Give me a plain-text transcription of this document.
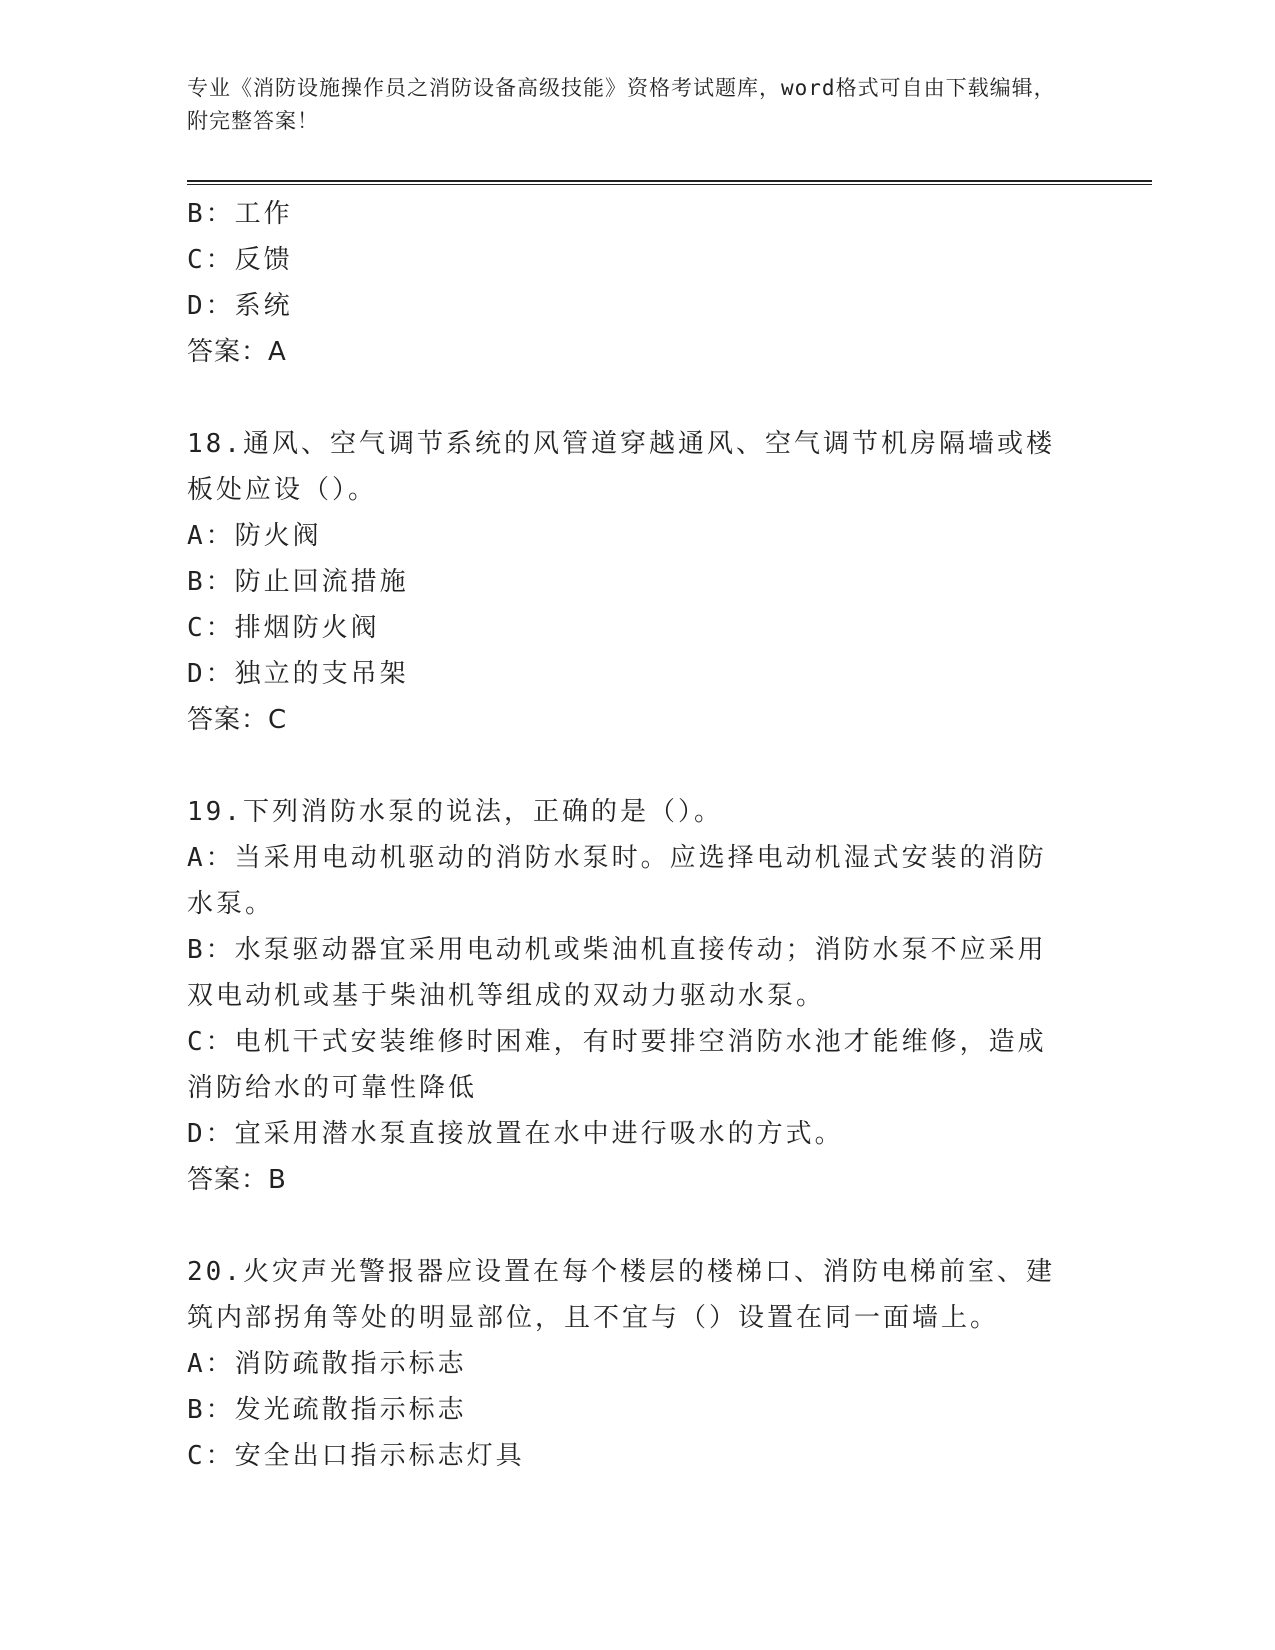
专业《消防设施操作员之消防设备高级技能》资格考试题库，word格式可自由下载编辑，附完整答案！

B：工作

C：反馈

D：系统

答案：A

18.通风、空气调节系统的风管道穿越通风、空气调节机房隔墙或楼板处应设（）。

A：防火阀

B：防止回流措施

C：排烟防火阀

D：独立的支吊架

答案：C

19.下列消防水泵的说法，正确的是（）。

A：当采用电动机驱动的消防水泵时。应选择电动机湿式安装的消防水泵。

B：水泵驱动器宜采用电动机或柴油机直接传动；消防水泵不应采用双电动机或基于柴油机等组成的双动力驱动水泵。

C：电机干式安装维修时困难，有时要排空消防水池才能维修，造成消防给水的可靠性降低

D：宜采用潜水泵直接放置在水中进行吸水的方式。

答案：B

20.火灾声光警报器应设置在每个楼层的楼梯口、消防电梯前室、建筑内部拐角等处的明显部位，且不宜与（）设置在同一面墙上。

A：消防疏散指示标志

B：发光疏散指示标志

C：安全出口指示标志灯具
